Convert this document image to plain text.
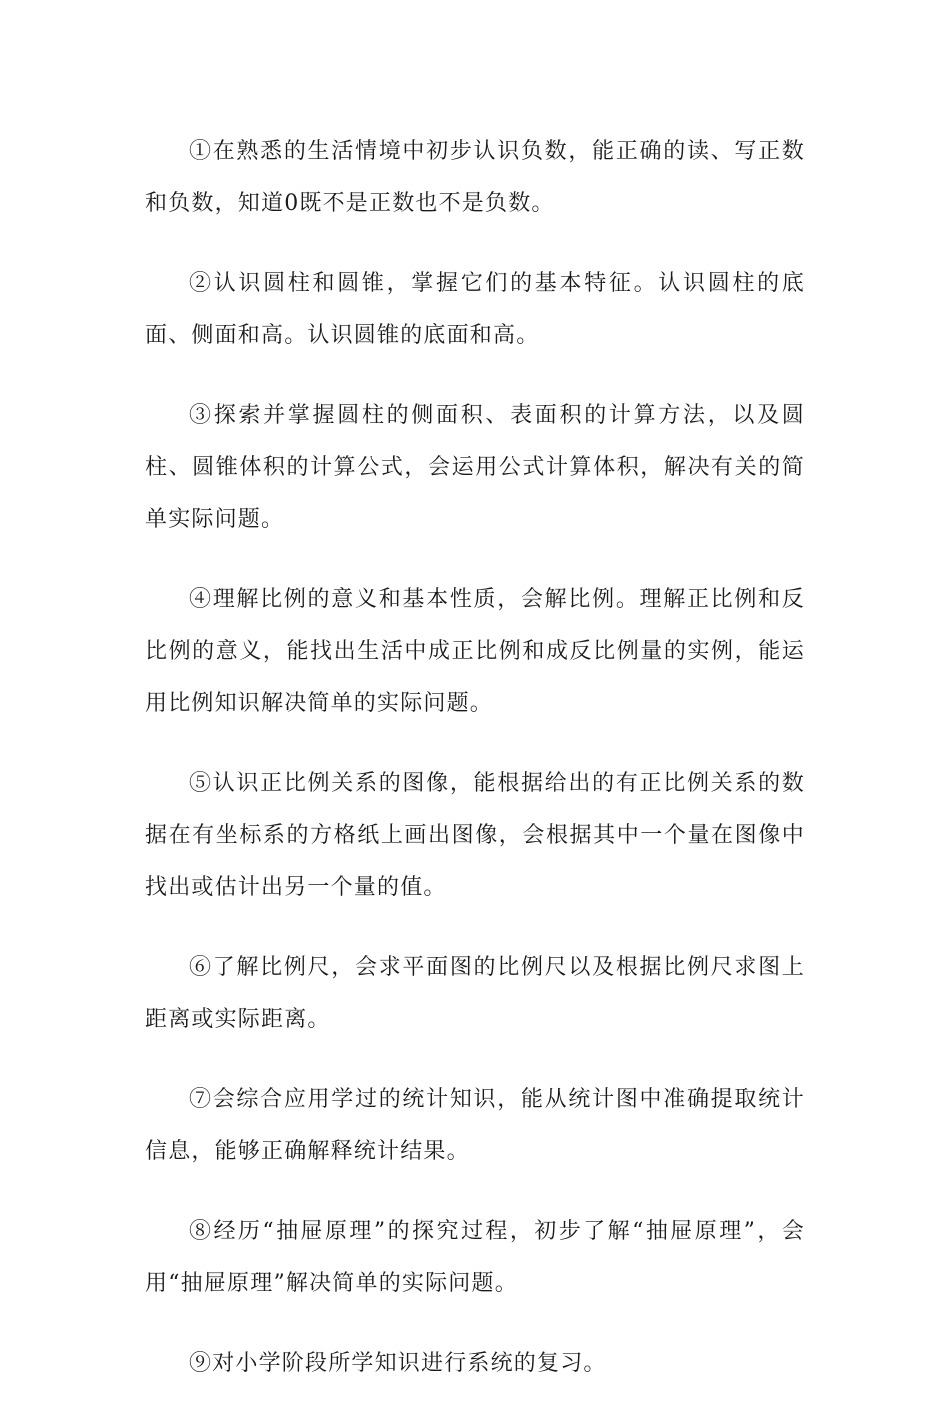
①在熟悉的生活情境中初步认识负数，能正确的读、写正数和负数，知道0既不是正数也不是负数。

②认识圆柱和圆锥，掌握它们的基本特征。认识圆柱的底面、侧面和高。认识圆锥的底面和高。

③探索并掌握圆柱的侧面积、表面积的计算方法，以及圆柱、圆锥体积的计算公式，会运用公式计算体积，解决有关的简单实际问题。

④理解比例的意义和基本性质，会解比例。理解正比例和反比例的意义，能找出生活中成正比例和成反比例量的实例，能运用比例知识解决简单的实际问题。

⑤认识正比例关系的图像，能根据给出的有正比例关系的数据在有坐标系的方格纸上画出图像，会根据其中一个量在图像中找出或估计出另一个量的值。

⑥了解比例尺，会求平面图的比例尺以及根据比例尺求图上距离或实际距离。

⑦会综合应用学过的统计知识，能从统计图中准确提取统计信息，能够正确解释统计结果。

⑧经历“抽屉原理”的探究过程，初步了解“抽屉原理”，会用“抽屉原理”解决简单的实际问题。

⑨对小学阶段所学知识进行系统的复习。
